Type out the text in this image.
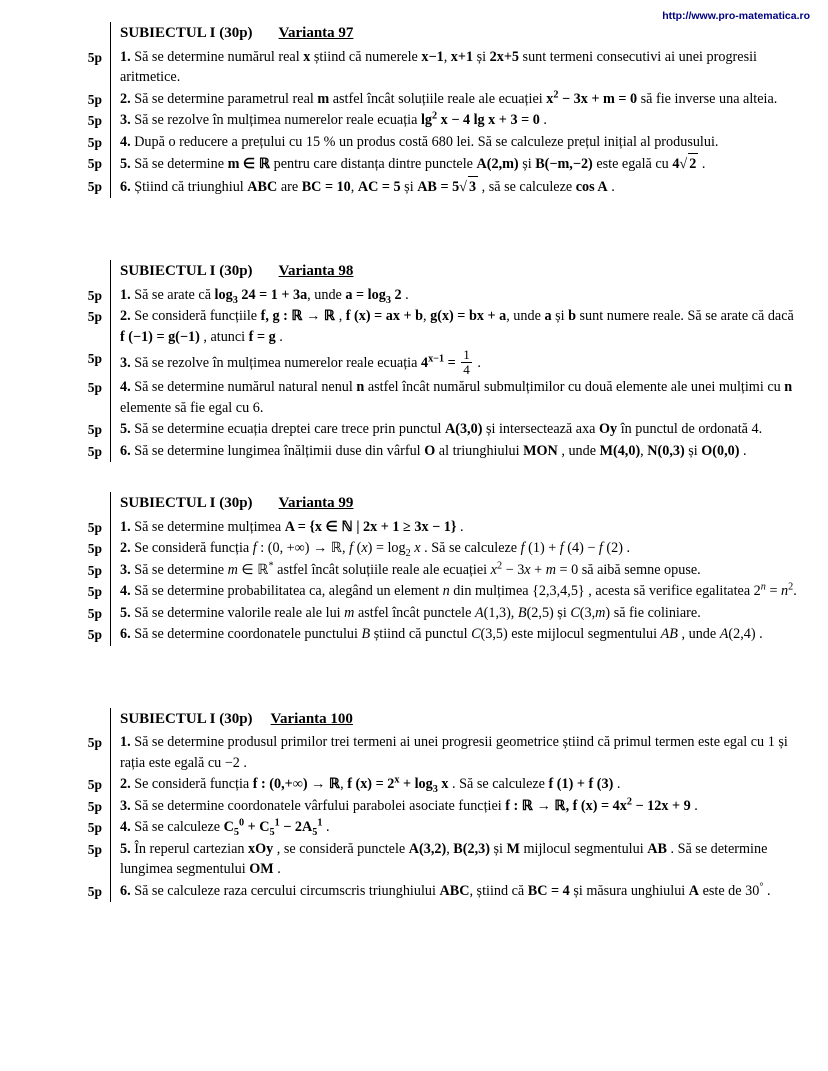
http://www.pro-matematica.ro
SUBIECTUL I (30p) Varianta 97
5p	1. Să se determine numărul real x știind că numerele x−1, x+1 și 2x+5 sunt termeni consecutivi ai unei progresii aritmetice.
5p	2. Să se determine parametrul real m astfel încât soluțiile reale ale ecuației $x^2 - 3x + m = 0$ să fie inverse una alteia.
5p	3. Să se rezolve în mulțimea numerelor reale ecuația $\lg^2 x - 4$ lg x + 3 = 0 .
5p	4. După o reducere a prețului cu 15 % un produs costă 680 lei. Să se calculeze prețul inițial al produsului.
5p	5. Să se determine m ∈ ℝ pentru care distanța dintre punctele A(2,m) și B(−m,−2) este egală cu 4√ 2 .
5p	6. Știind că triunghiul ABC are BC = 10, AC = 5 și AB = 5√ 3 , să se calculeze cos A .
SUBIECTUL I (30p) Varianta 98
5p	1. Să se arate că $\log_3 24 = 1 + 3a$, unde $a = \log_3 2$ .
5p	2. Se consideră funcțiile f, g : ℝ → ℝ , f (x) = ax + b, g(x) = bx + a, unde a și b sunt numere reale. Să se arate că dacă f (−1) = g(−1) , atunci f = g .
5p	3. Să se rezolve în mulțimea numerelor reale ecuația $4^{x-1} = \frac{1}{4}$ .
5p	4. Să se determine numărul natural nenul n astfel încât numărul submulțimilor cu două elemente ale unei mulțimi cu n elemente să fie egal cu 6.
5p	5. Să se determine ecuația dreptei care trece prin punctul A(3,0) și intersectează axa Oy în punctul de ordonată 4.
5p	6. Să se determine lungimea înălțimii duse din vârful O al triunghiului MON , unde M(4,0), N(0,3) și O(0,0) .
SUBIECTUL I (30p) Varianta 99
5p	1. Să se determine mulțimea A = {x ∈ ℕ | 2x + 1 ≥ 3x − 1} .
5p	2. Se consideră funcția f : (0, +∞) → ℝ, f $(x) = \log_2 x$ . Să se calculeze f (1) + f (4) − f (2) .
5p	3. Să se determine m ∈ ℝ* astfel încât soluțiile reale ale ecuației $x^2 - 3x + m = 0$ să aibă semne opuse.
5p	4. Să se determine probabilitatea ca, alegând un element n din mulțimea {2,3,4,5} , acesta să verifice egalitatea $2^n = n^2$.
5p	5. Să se determine valorile reale ale lui m astfel încât punctele A(1,3), B(2,5) și C(3,m) să fie coliniare.
5p	6. Să se determine coordonatele punctului B știind că punctul C(3,5) este mijlocul segmentului AB , unde A(2,4) .
SUBIECTUL I (30p) Varianta 100
5p	1. Să se determine produsul primilor trei termeni ai unei progresii geometrice știind că primul termen este egal cu 1 și rația este egală cu −2 .
5p	2. Se consideră funcția f : (0,+∞) → ℝ, f $(x) = 2^x + \log_3 x$ . Să se calculeze f (1) + f (3) .
5p	3. Să se determine coordonatele vârfului parabolei asociate funcției f : ℝ → ℝ, f $(x) = 4x^2 - 12x + 9$ .
5p	4. Să se calculeze $C_5^0 + C_5^1 - 2A_5^1$ .
5p	5. În reperul cartezian xOy , se consideră punctele A(3,2), B(2,3) și M mijlocul segmentului AB . Să se determine lungimea segmentului OM .
5p	6. Să se calculeze raza cercului circumscris triunghiului ABC, știind că BC = 4 și măsura unghiului A este de 30° .
